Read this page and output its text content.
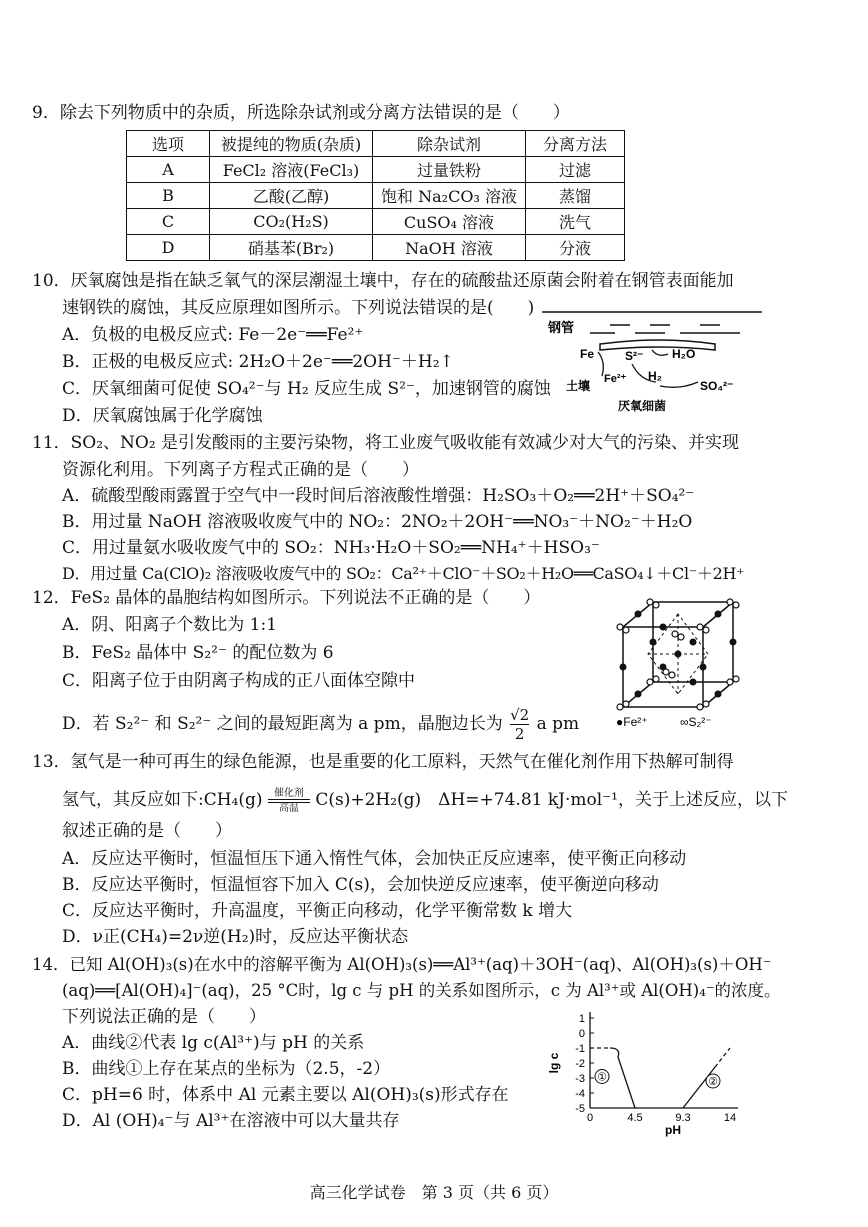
9．除去下列物质中的杂质，所选除杂试剂或分离方法错误的是（　　）
选项	被提纯的物质(杂质)	除杂试剂	分离方法
A	FeCl₂ 溶液(FeCl₃)	过量铁粉	过滤
B	乙酸(乙醇)	饱和 Na₂CO₃ 溶液	蒸馏
C	CO₂(H₂S)	CuSO₄ 溶液	洗气
D	硝基苯(Br₂)	NaOH 溶液	分液
10．厌氧腐蚀是指在缺乏氧气的深层潮湿土壤中，存在的硫酸盐还原菌会附着在钢管表面能加
速钢铁的腐蚀，其反应原理如图所示。下列说法错误的是(　　)
A．负极的电极反应式: Fe－2e⁻══Fe²⁺
B．正极的电极反应式: 2H₂O＋2e⁻══2OH⁻＋H₂↑
C．厌氧细菌可促使 SO₄²⁻与 H₂ 反应生成 S²⁻，加速钢管的腐蚀
D．厌氧腐蚀属于化学腐蚀
钢管
Fe	S²⁻ H₂O
土壤 Fe²⁺ H₂
SO₄²⁻
厌氧细菌
11．SO₂、NO₂ 是引发酸雨的主要污染物，将工业废气吸收能有效减少对大气的污染、并实现
资源化利用。下列离子方程式正确的是（　　）
A．硫酸型酸雨露置于空气中一段时间后溶液酸性增强：H₂SO₃＋O₂══2H⁺＋SO₄²⁻
B．用过量 NaOH 溶液吸收废气中的 NO₂：2NO₂＋2OH⁻══NO₃⁻＋NO₂⁻＋H₂O
C．用过量氨水吸收废气中的 SO₂：NH₃·H₂O＋SO₂══NH₄⁺＋HSO₃⁻
D．用过量 Ca(ClO)₂ 溶液吸收废气中的 SO₂：Ca²⁺＋ClO⁻＋SO₂＋H₂O══CaSO₄↓＋Cl⁻＋2H⁺
12．FeS₂ 晶体的晶胞结构如图所示。下列说法不正确的是（　　）
A．阴、阳离子个数比为 1:1
B．FeS₂ 晶体中 S₂²⁻ 的配位数为 6
C．阳离子位于由阴离子构成的正八面体空隙中
D．若 S₂²⁻ 和 S₂²⁻ 之间的最短距离为 a pm，晶胞边长为 $\frac{√2}{2}$ a pm	●Fe²⁺	∞S₂²⁻
13．氢气是一种可再生的绿色能源，也是重要的化工原料，天然气在催化剂作用下热解可制得
氢气，其反应如下:CH₄(g)	催化剂
高温 C(s)+2H₂(g)　ΔH=+74.81 kJ·mol⁻¹，关于上述反应，以下
叙述正确的是（　　）
A．反应达平衡时，恒温恒压下通入惰性气体，会加快正反应速率，使平衡正向移动
B．反应达平衡时，恒温恒容下加入 C(s)，会加快逆反应速率，使平衡逆向移动
C．反应达平衡时，升高温度，平衡正向移动，化学平衡常数 k 增大
D．ν正(CH₄)=2ν逆(H₂)时，反应达平衡状态
14．已知 Al(OH)₃(s)在水中的溶解平衡为 Al(OH)₃(s)══Al³⁺(aq)＋3OH⁻(aq)、Al(OH)₃(s)＋OH⁻
(aq)══[Al(OH)₄]⁻(aq)，25 °C时，lg c 与 pH 的关系如图所示，c 为 Al³⁺或 Al(OH)₄⁻的浓度。
下列说法正确的是（　　）
A．曲线②代表 lg c(Al³⁺)与 pH 的关系
B．曲线①上存在某点的坐标为（2.5，-2）
C．pH=6 时，体系中 Al 元素主要以 Al(OH)₃(s)形式存在
D．Al (OH)₄⁻与 Al³⁺在溶液中可以大量共存
1
0
-1
-2
-3
-4
-5
0	4.5	9.3	14
pH
lg c
①	②
高三化学试卷　第 3 页（共 6 页）
